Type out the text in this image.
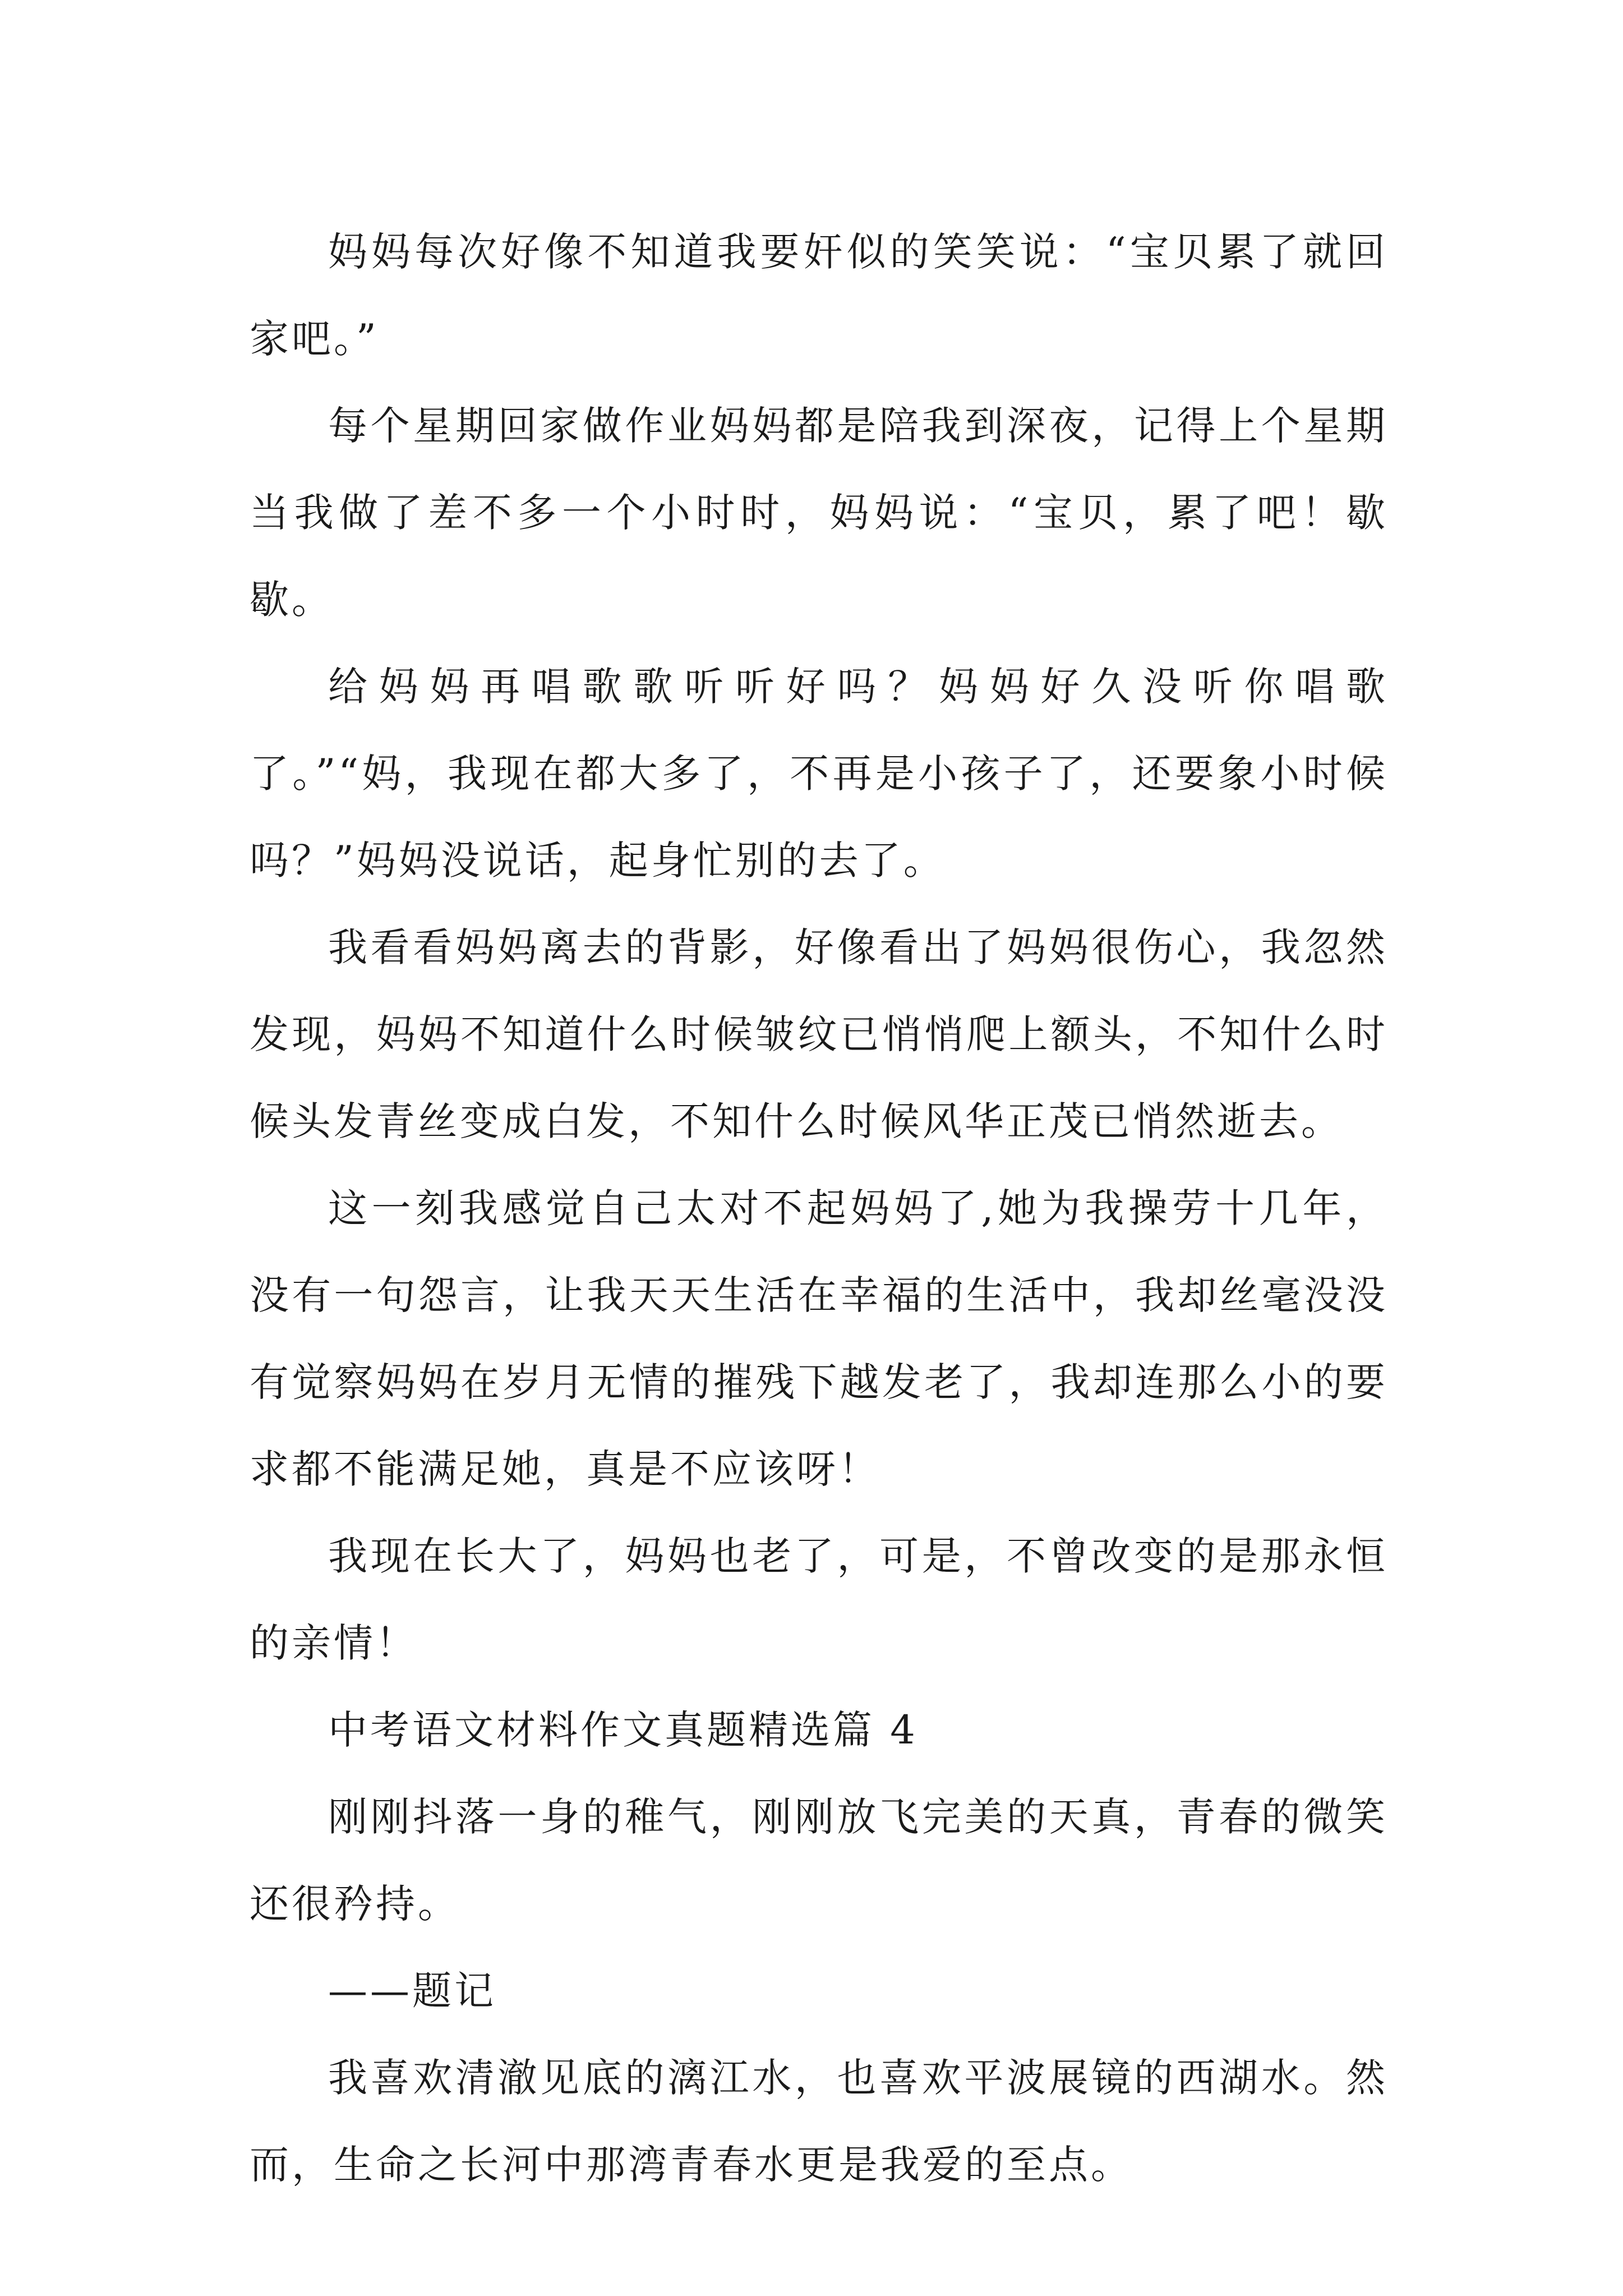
妈妈每次好像不知道我要奸似的笑笑说：“宝贝累了就回家吧。”

每个星期回家做作业妈妈都是陪我到深夜，记得上个星期当我做了差不多一个小时时，妈妈说：“宝贝，累了吧！歇歇。

给妈妈再唱歌歌听听好吗？妈妈好久没听你唱歌了。”“妈，我现在都大多了，不再是小孩子了，还要象小时候吗？”妈妈没说话，起身忙别的去了。

我看看妈妈离去的背影，好像看出了妈妈很伤心，我忽然发现，妈妈不知道什么时候皱纹已悄悄爬上额头，不知什么时候头发青丝变成白发，不知什么时候风华正茂已悄然逝去。

这一刻我感觉自己太对不起妈妈了,她为我操劳十几年，没有一句怨言，让我天天生活在幸福的生活中，我却丝毫没没有觉察妈妈在岁月无情的摧残下越发老了，我却连那么小的要求都不能满足她，真是不应该呀！

我现在长大了，妈妈也老了，可是，不曾改变的是那永恒的亲情！

中考语文材料作文真题精选篇 4

刚刚抖落一身的稚气，刚刚放飞完美的天真，青春的微笑还很矜持。

——题记

我喜欢清澈见底的漓江水，也喜欢平波展镜的西湖水。然而，生命之长河中那湾青春水更是我爱的至点。
